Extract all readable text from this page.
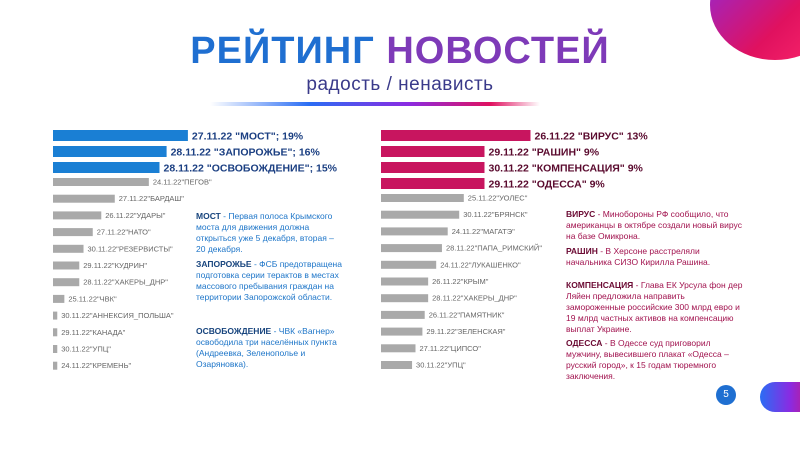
РЕЙТИНГ НОВОСТЕЙ
радость / ненависть
27.11.22 "МОСТ"; 19%
28.11.22 "ЗАПОРОЖЬЕ"; 16%
28.11.22 "ОСВОБОЖДЕНИЕ"; 15%
24.11.22"ПЕГОВ"
27.11.22"БАРДАШ"
26.11.22"УДАРЫ"
27.11.22"НАТО"
30.11.22"РЕЗЕРВИСТЫ"
29.11.22"КУДРИН"
28.11.22"ХАКЕРЫ_ДНР"
25.11.22"ЧВК"
30.11.22"АННЕКСИЯ_ПОЛЬША"
29.11.22"КАНАДА"
30.11.22"УПЦ"
24.11.22"КРЕМЕНЬ"
26.11.22 "ВИРУС" 13%
29.11.22 "РАШИН" 9%
30.11.22 "КОМПЕНСАЦИЯ" 9%
29.11.22 "ОДЕССА" 9%
25.11.22"УОЛЕС"
30.11.22"БРЯНСК"
24.11.22"МАГАТЭ"
28.11.22"ПАПА_РИМСКИЙ"
24.11.22"ЛУКАШЕНКО"
26.11.22"КРЫМ"
28.11.22"ХАКЕРЫ_ДНР"
26.11.22"ПАМЯТНИК"
29.11.22"ЗЕЛЕНСКАЯ"
27.11.22"ЦИПСО"
30.11.22"УПЦ"
МОСТ - Первая полоса Крымского моста для движения должна открыться уже 5 декабря, вторая – 20 декабря.
ЗАПОРОЖЬЕ - ФСБ предотвращена подготовка серии терактов в местах массового пребывания граждан на территории Запорожской области.
ОСВОБОЖДЕНИЕ - ЧВК «Вагнер» освободила три населённых пункта (Андреевка, Зеленополье и Озаряновка).
ВИРУС - Минобороны РФ сообщило, что американцы в октябре создали новый вирус на базе Омикрона.
РАШИН - В Херсоне расстреляли начальника СИЗО Кирилла Рашина.
КОМПЕНСАЦИЯ - Глава ЕК Урсула фон дер Ляйен предложила направить замороженные российские 300 млрд евро и 19 млрд частных активов на компенсацию выплат Украине.
ОДЕССА - В Одессе суд приговорил мужчину, вывесившего плакат «Одесса – русский город», к 15 годам тюремного заключения.
5
